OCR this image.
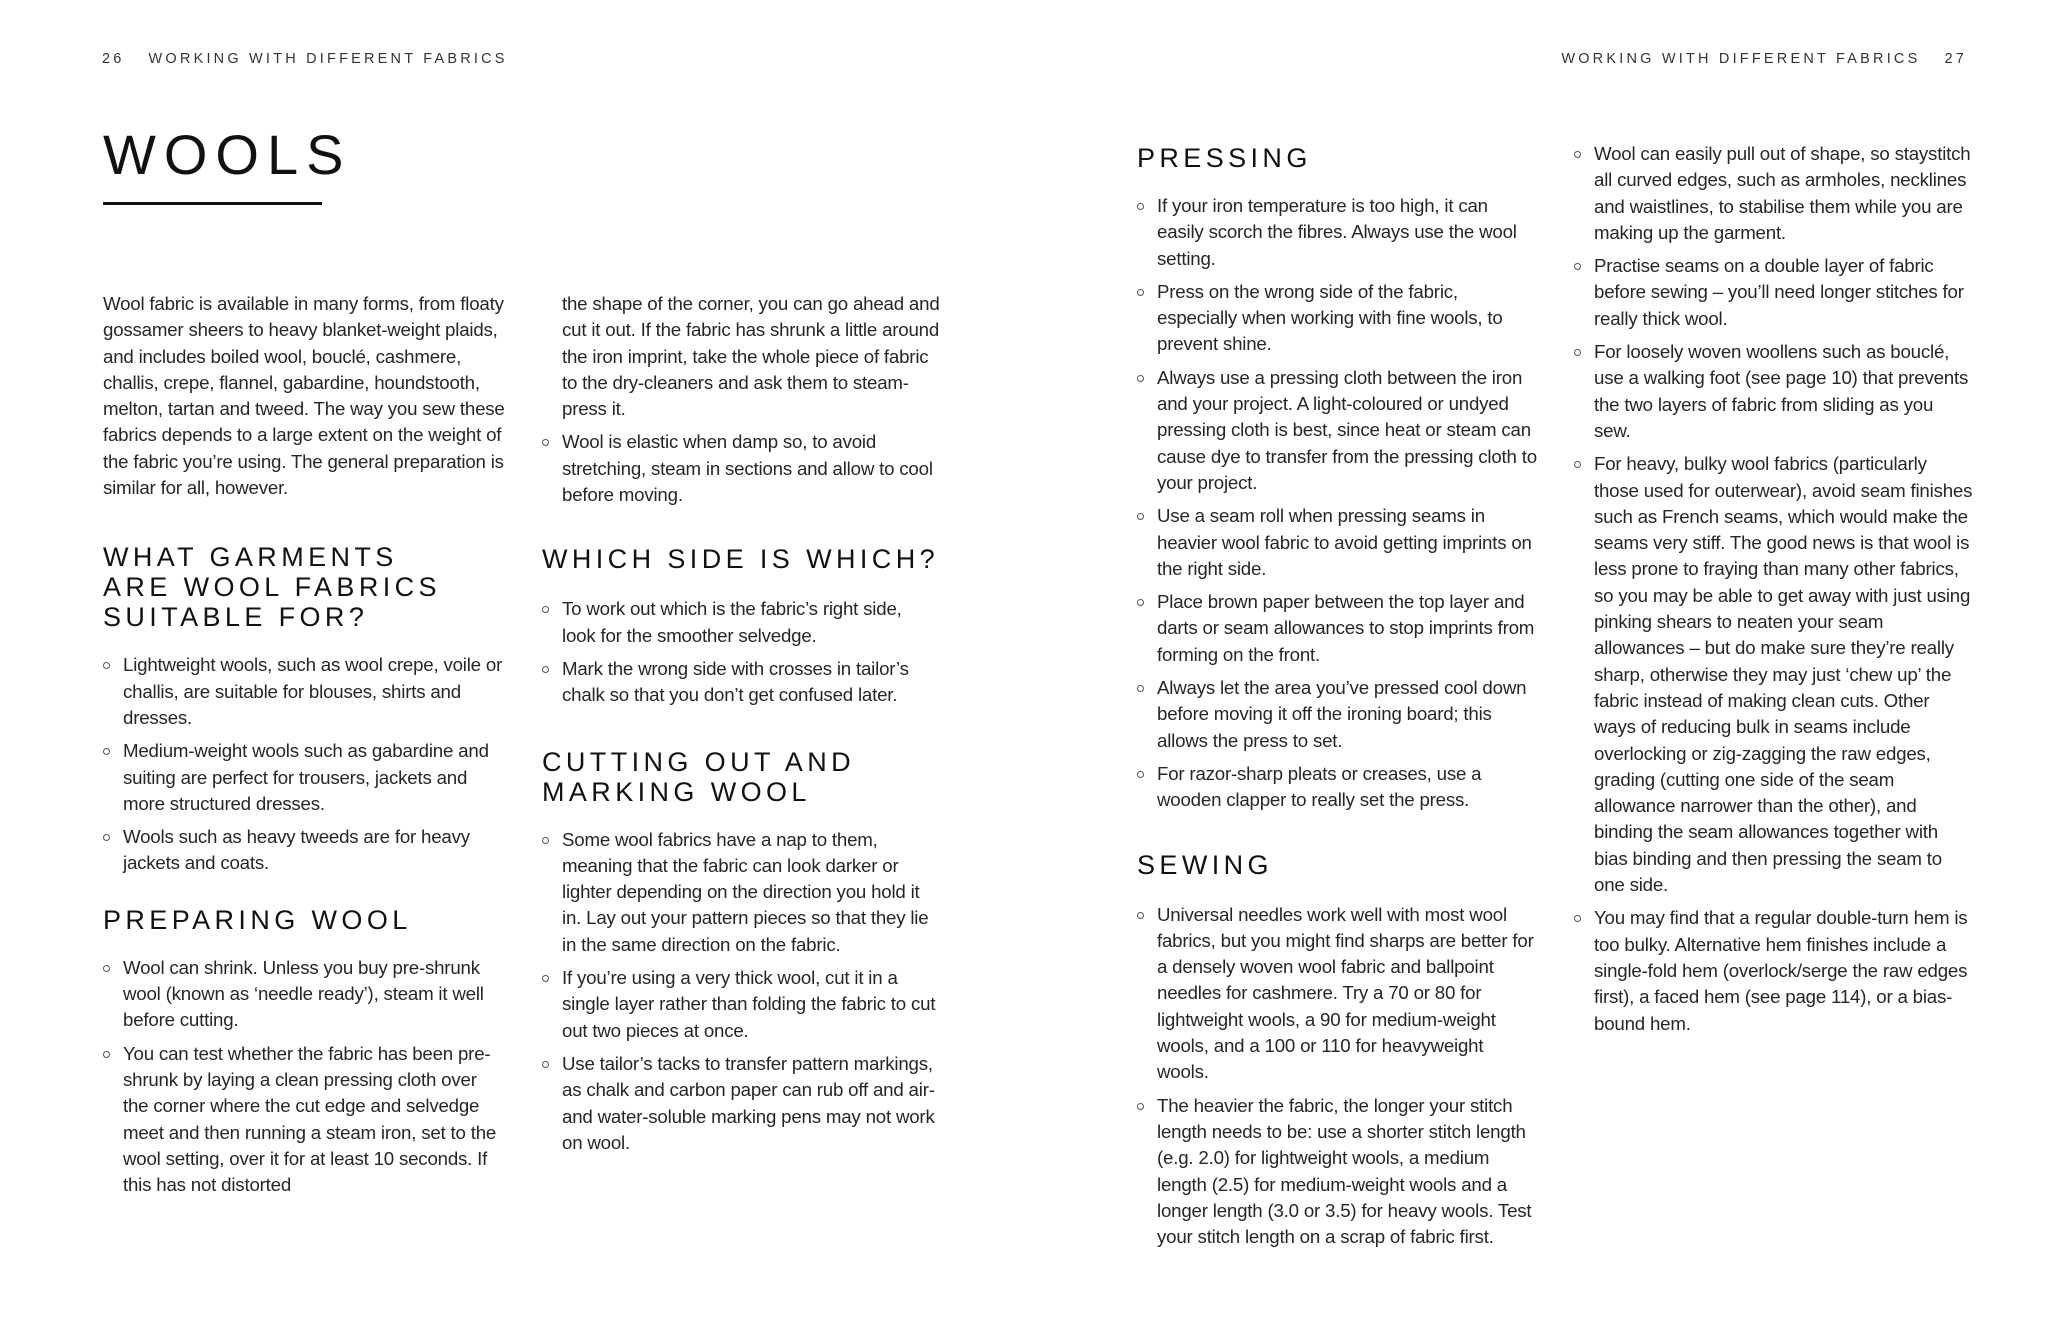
26 WORKING WITH DIFFERENT FABRICS	WORKING WITH DIFFERENT FABRICS 27
WOOLS

Wool fabric is available in many forms, from floaty gossamer sheers to heavy blanket-weight plaids, and includes boiled wool, bouclé, cashmere, challis, crepe, flannel, gabardine, houndstooth, melton, tartan and tweed. The way you sew these fabrics depends to a large extent on the weight of the fabric you’re using. The general preparation is similar for all, however.

WHAT GARMENTS
ARE WOOL FABRICS
SUITABLE FOR?
Lightweight wools, such as wool crepe, voile or challis, are suitable for blouses, shirts and dresses.
Medium-weight wools such as gabardine and suiting are perfect for trousers, jackets and more structured dresses.
Wools such as heavy tweeds are for heavy jackets and coats.
PREPARING WOOL
Wool can shrink. Unless you buy pre-shrunk wool (known as ‘needle ready’), steam it well before cutting.
You can test whether the fabric has been pre-shrunk by laying a clean pressing cloth over the corner where the cut edge and selvedge meet and then running a steam iron, set to the wool setting, over it for at least 10 seconds. If this has not distorted

the shape of the corner, you can go ahead and cut it out. If the fabric has shrunk a little around the iron imprint, take the whole piece of fabric to the dry-cleaners and ask them to steam-press it.

Wool is elastic when damp so, to avoid stretching, steam in sections and allow to cool before moving.
WHICH SIDE IS WHICH?
To work out which is the fabric’s right side, look for the smoother selvedge.
Mark the wrong side with crosses in tailor’s chalk so that you don’t get confused later.
CUTTING OUT AND
MARKING WOOL
Some wool fabrics have a nap to them, meaning that the fabric can look darker or lighter depending on the direction you hold it in. Lay out your pattern pieces so that they lie in the same direction on the fabric.
If you’re using a very thick wool, cut it in a single layer rather than folding the fabric to cut out two pieces at once.
Use tailor’s tacks to transfer pattern markings, as chalk and carbon paper can rub off and air- and water-soluble marking pens may not work on wool.
PRESSING
If your iron temperature is too high, it can easily scorch the fibres. Always use the wool setting.
Press on the wrong side of the fabric, especially when working with fine wools, to prevent shine.
Always use a pressing cloth between the iron and your project. A light-coloured or undyed pressing cloth is best, since heat or steam can cause dye to transfer from the pressing cloth to your project.
Use a seam roll when pressing seams in heavier wool fabric to avoid getting imprints on the right side.
Place brown paper between the top layer and darts or seam allowances to stop imprints from forming on the front.
Always let the area you’ve pressed cool down before moving it off the ironing board; this allows the press to set.
For razor-sharp pleats or creases, use a wooden clapper to really set the press.
SEWING
Universal needles work well with most wool fabrics, but you might find sharps are better for a densely woven wool fabric and ballpoint needles for cashmere. Try a 70 or 80 for lightweight wools, a 90 for medium-weight wools, and a 100 or 110 for heavyweight wools.
The heavier the fabric, the longer your stitch length needs to be: use a shorter stitch length (e.g. 2.0) for lightweight wools, a medium length (2.5) for medium-weight wools and a longer length (3.0 or 3.5) for heavy wools. Test your stitch length on a scrap of fabric first.
Wool can easily pull out of shape, so staystitch all curved edges, such as armholes, necklines and waistlines, to stabilise them while you are making up the garment.
Practise seams on a double layer of fabric before sewing – you’ll need longer stitches for really thick wool.
For loosely woven woollens such as bouclé, use a walking foot (see page 10) that prevents the two layers of fabric from sliding as you sew.
For heavy, bulky wool fabrics (particularly those used for outerwear), avoid seam finishes such as French seams, which would make the seams very stiff. The good news is that wool is less prone to fraying than many other fabrics, so you may be able to get away with just using pinking shears to neaten your seam allowances – but do make sure they’re really sharp, otherwise they may just ‘chew up’ the fabric instead of making clean cuts. Other ways of reducing bulk in seams include overlocking or zig-zagging the raw edges, grading (cutting one side of the seam allowance narrower than the other), and binding the seam allowances together with bias binding and then pressing the seam to one side.
You may find that a regular double-turn hem is too bulky. Alternative hem finishes include a single-fold hem (overlock/serge the raw edges first), a faced hem (see page 114), or a bias-bound hem.
